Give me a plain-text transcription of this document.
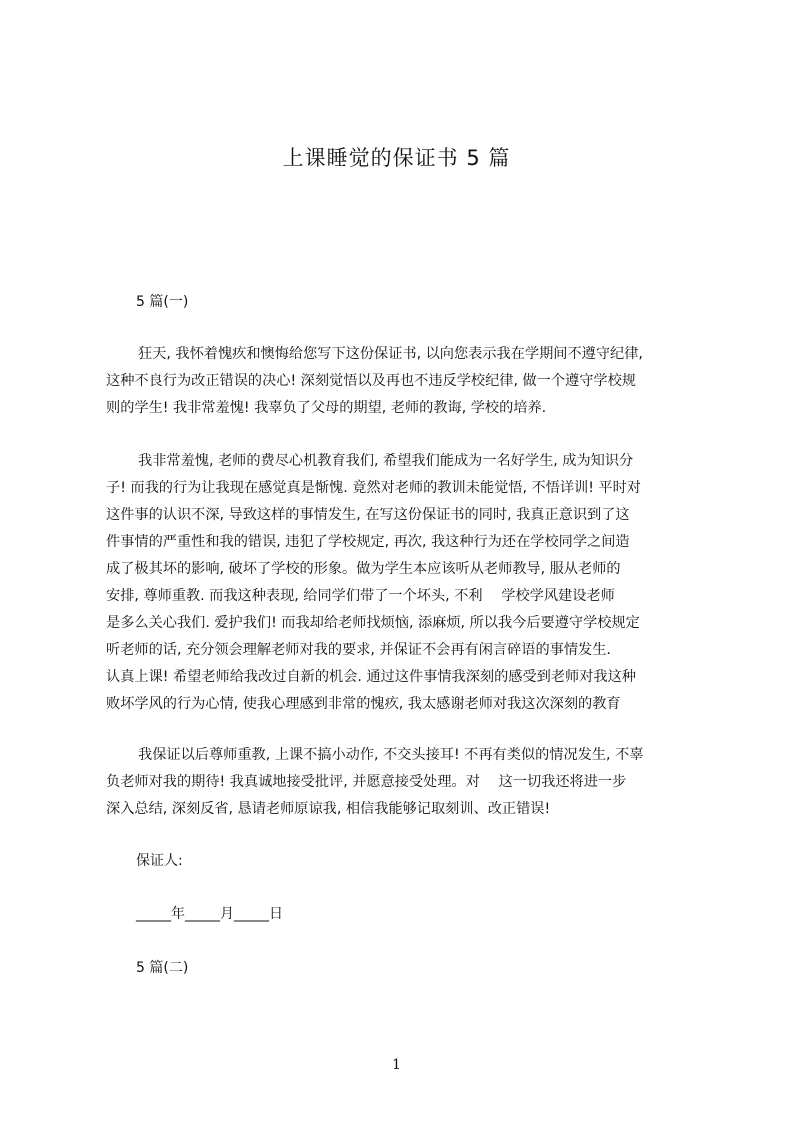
上课睡觉的保证书 5 篇
5 篇(一)
狂天, 我怀着愧疚和懊悔给您写下这份保证书, 以向您表示我在学期间不遵守纪律,
这种不良行为改正错误的决心! 深刻觉悟以及再也不违反学校纪律, 做一个遵守学校规
则的学生! 我非常羞愧! 我辜负了父母的期望, 老师的教诲, 学校的培养.
我非常羞愧, 老师的费尽心机教育我们, 希望我们能成为一名好学生, 成为知识分
子! 而我的行为让我现在感觉真是惭愧. 竟然对老师的教训未能觉悟, 不悟详训! 平时对
这件事的认识不深, 导致这样的事情发生, 在写这份保证书的同时, 我真正意识到了这
件事情的严重性和我的错误, 违犯了学校规定, 再次, 我这种行为还在学校同学之间造
成了极其坏的影响, 破坏了学校的形象。做为学生本应该听从老师教导, 服从老师的
安排, 尊师重教. 而我这种表现, 给同学们带了一个坏头, 不利　 学校学风建设老师
是多么关心我们. 爱护我们! 而我却给老师找烦恼, 添麻烦, 所以我今后要遵守学校规定
听老师的话, 充分领会理解老师对我的要求, 并保证不会再有闲言碎语的事情发生.
认真上课! 希望老师给我改过自新的机会. 通过这件事情我深刻的感受到老师对我这种
败坏学风的行为心情, 使我心理感到非常的愧疚, 我太感谢老师对我这次深刻的教育
我保证以后尊师重教, 上课不搞小动作, 不交头接耳! 不再有类似的情况发生, 不辜
负老师对我的期待! 我真诚地接受批评, 并愿意接受处理。对　 这一切我还将进一步
深入总结, 深刻反省, 恳请老师原谅我, 相信我能够记取刻训、改正错误!
保证人:
_____年_____月_____日
5 篇(二)
1
